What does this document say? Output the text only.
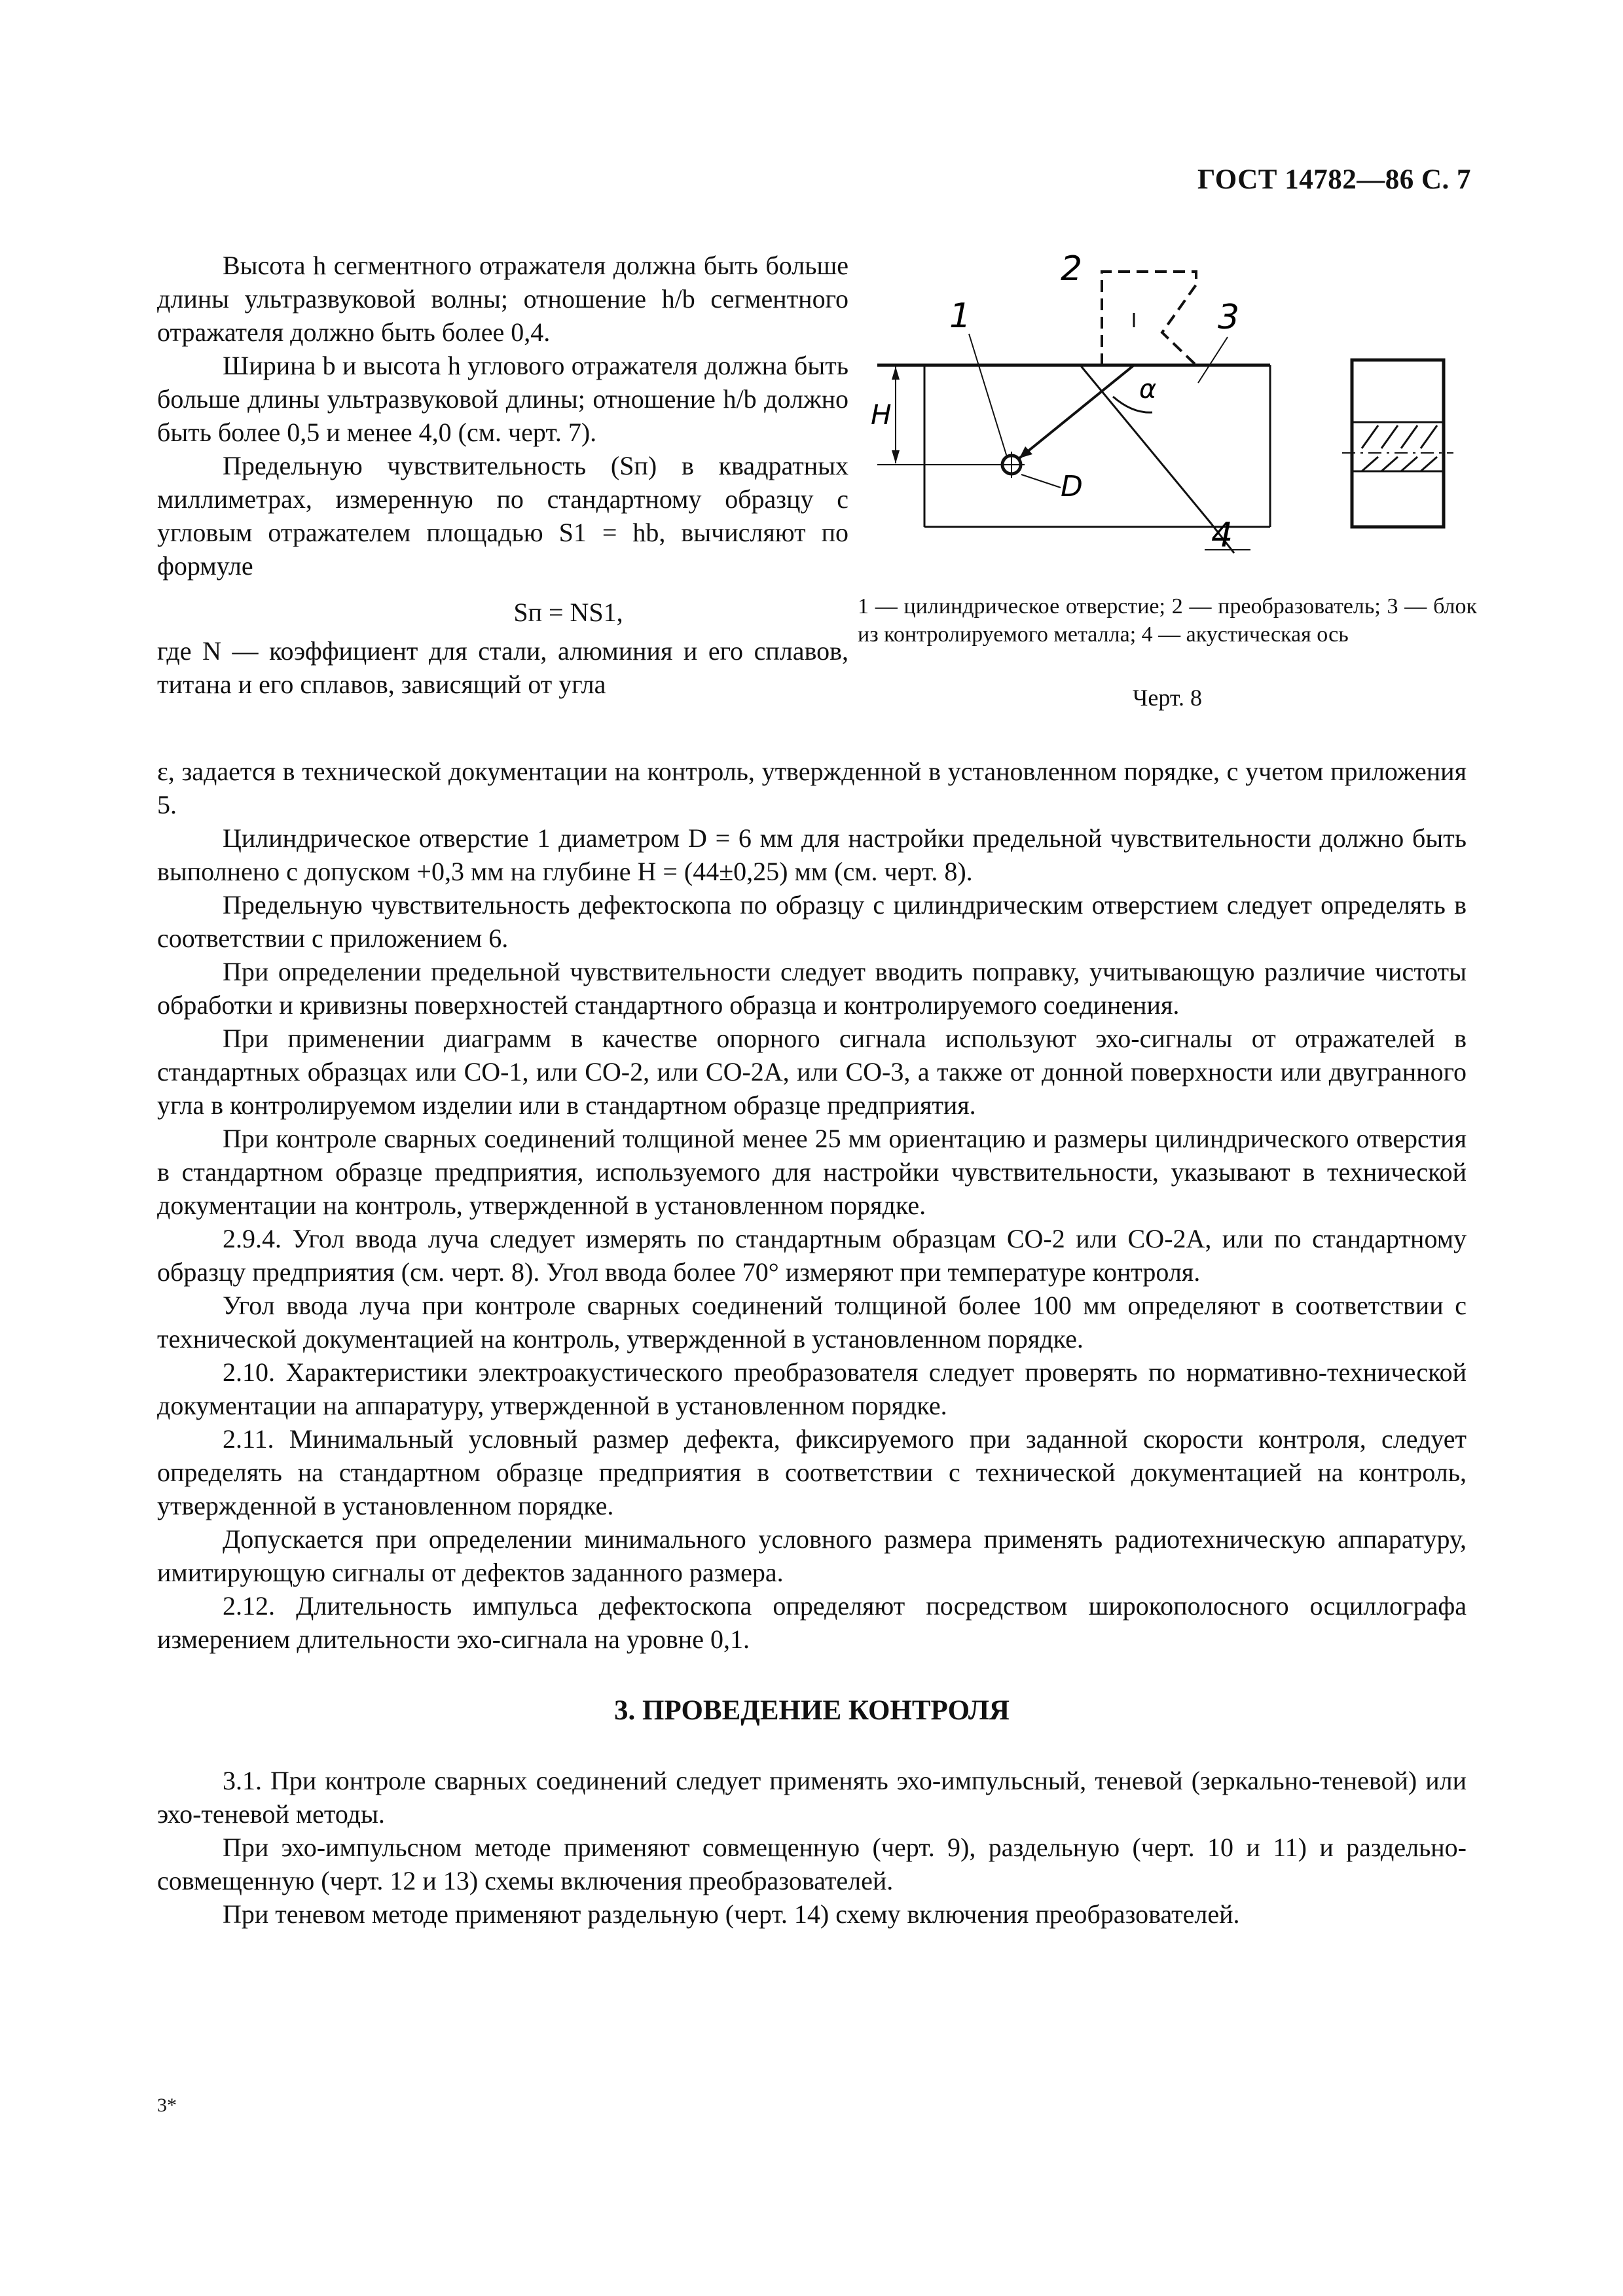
ГОСТ 14782—86 С. 7

Высота h сегментного отражателя должна быть больше длины ультразвуковой волны; отношение h/b сегментного отражателя должно быть более 0,4.

Ширина b и высота h углового отражателя должна быть больше длины ультразвуковой длины; отношение h/b должно быть более 0,5 и менее 4,0 (см. черт. 7).

Предельную чувствительность (Sп) в квадратных миллиметрах, измеренную по стандартному образцу с угловым отражателем площадью S1 = hb, вычисляют по формуле

Sп = NS1,

где N — коэффициент для стали, алюминия и его сплавов, титана и его сплавов, зависящий от угла

1
2
3
4
H
α
D
1 — цилиндрическое отверстие; 2 — преобразователь; 3 — блок из контролируемого металла; 4 — акустическая ось
Черт. 8

ε, задается в технической документации на контроль, утвержденной в установленном порядке, с учетом приложения 5.

Цилиндрическое отверстие 1 диаметром D = 6 мм для настройки предельной чувствительности должно быть выполнено с допуском +0,3 мм на глубине H = (44±0,25) мм (см. черт. 8).

Предельную чувствительность дефектоскопа по образцу с цилиндрическим отверстием следует определять в соответствии с приложением 6.

При определении предельной чувствительности следует вводить поправку, учитывающую различие чистоты обработки и кривизны поверхностей стандартного образца и контролируемого соединения.

При применении диаграмм в качестве опорного сигнала используют эхо-сигналы от отражателей в стандартных образцах или СО-1, или СО-2, или СО-2А, или СО-3, а также от донной поверхности или двугранного угла в контролируемом изделии или в стандартном образце предприятия.

При контроле сварных соединений толщиной менее 25 мм ориентацию и размеры цилиндрического отверстия в стандартном образце предприятия, используемого для настройки чувствительности, указывают в технической документации на контроль, утвержденной в установленном порядке.

2.9.4. Угол ввода луча следует измерять по стандартным образцам СО-2 или СО-2А, или по стандартному образцу предприятия (см. черт. 8). Угол ввода более 70° измеряют при температуре контроля.

Угол ввода луча при контроле сварных соединений толщиной более 100 мм определяют в соответствии с технической документацией на контроль, утвержденной в установленном порядке.

2.10. Характеристики электроакустического преобразователя следует проверять по нормативно-технической документации на аппаратуру, утвержденной в установленном порядке.

2.11. Минимальный условный размер дефекта, фиксируемого при заданной скорости контроля, следует определять на стандартном образце предприятия в соответствии с технической документацией на контроль, утвержденной в установленном порядке.

Допускается при определении минимального условного размера применять радиотехническую аппаратуру, имитирующую сигналы от дефектов заданного размера.

2.12. Длительность импульса дефектоскопа определяют посредством широкополосного осциллографа измерением длительности эхо-сигнала на уровне 0,1.

3. ПРОВЕДЕНИЕ КОНТРОЛЯ

3.1. При контроле сварных соединений следует применять эхо-импульсный, теневой (зеркально-теневой) или эхо-теневой методы.

При эхо-импульсном методе применяют совмещенную (черт. 9), раздельную (черт. 10 и 11) и раздельно-совмещенную (черт. 12 и 13) схемы включения преобразователей.

При теневом методе применяют раздельную (черт. 14) схему включения преобразователей.

3*
